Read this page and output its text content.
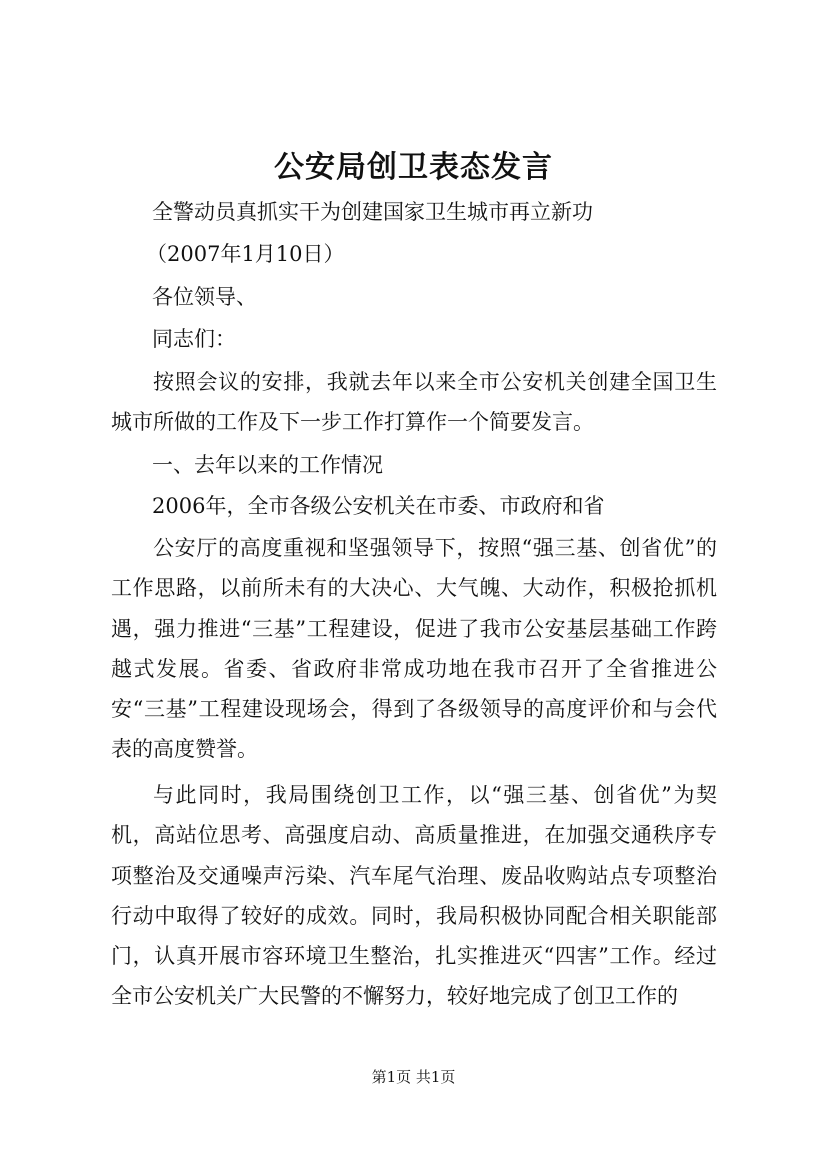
公安局创卫表态发言
全警动员真抓实干为创建国家卫生城市再立新功
（2007年1月10日）
各位领导、
同志们：

按照会议的安排，我就去年以来全市公安机关创建全国卫生城市所做的工作及下一步工作打算作一个简要发言。

一、去年以来的工作情况
2006年，全市各级公安机关在市委、市政府和省

公安厅的高度重视和坚强领导下，按照“强三基、创省优”的工作思路，以前所未有的大决心、大气魄、大动作，积极抢抓机遇，强力推进“三基”工程建设，促进了我市公安基层基础工作跨越式发展。省委、省政府非常成功地在我市召开了全省推进公安“三基”工程建设现场会，得到了各级领导的高度评价和与会代表的高度赞誉。

与此同时，我局围绕创卫工作，以“强三基、创省优”为契机，高站位思考、高强度启动、高质量推进，在加强交通秩序专项整治及交通噪声污染、汽车尾气治理、废品收购站点专项整治行动中取得了较好的成效。同时，我局积极协同配合相关职能部门，认真开展市容环境卫生整治，扎实推进灭“四害”工作。经过全市公安机关广大民警的不懈努力，较好地完成了创卫工作的

第1页 共1页
